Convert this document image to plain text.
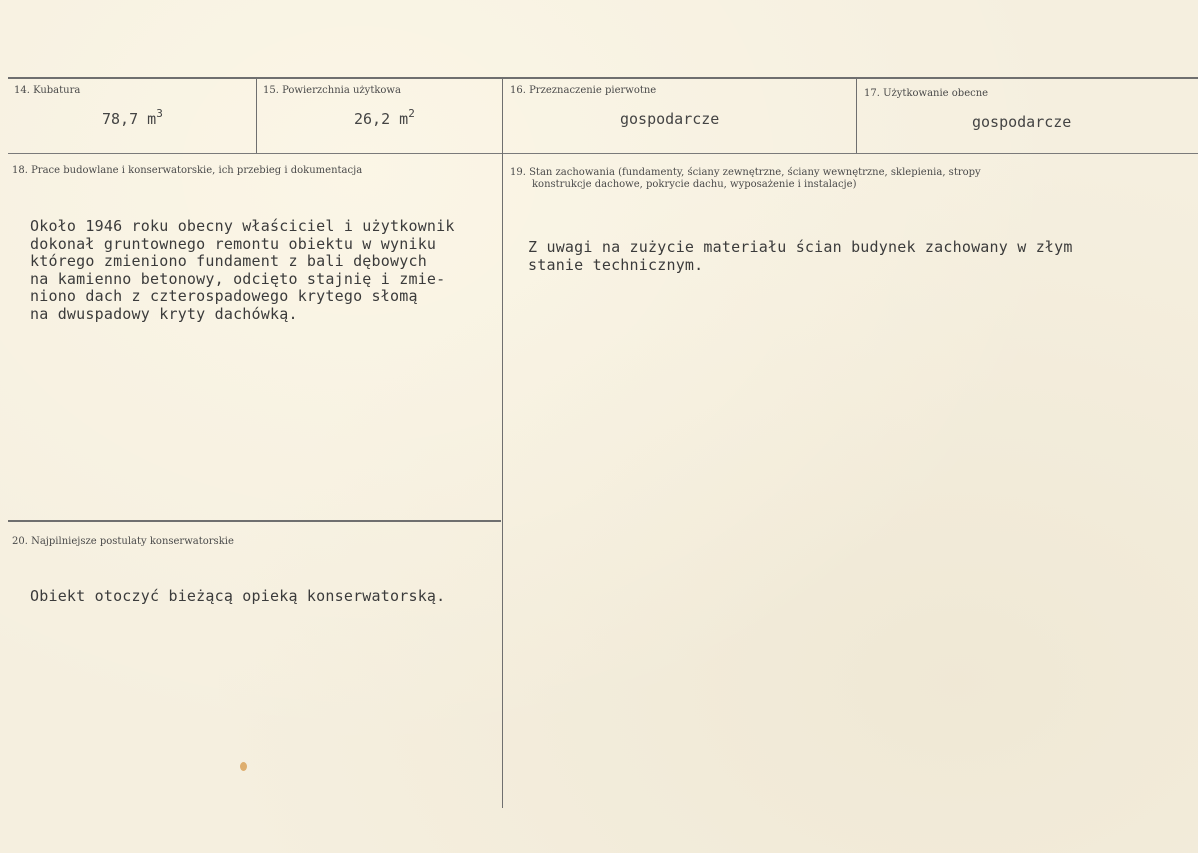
14. Kubatura
78,7 $m^3$
15. Powierzchnia użytkowa
26,2 $m^2$
16. Przeznaczenie pierwotne
gospodarcze
17. Użytkowanie obecne
gospodarcze
18. Prace budowlane i konserwatorskie, ich przebieg i dokumentacja
Około 1946 roku obecny właściciel i użytkownik
dokonał gruntownego remontu obiektu w wyniku
którego zmieniono fundament z bali dębowych
na kamienno betonowy, odcięto stajnię i zmie-
niono dach z czterospadowego krytego słomą
na dwuspadowy kryty dachówką.
19. Stan zachowania (fundamenty, ściany zewnętrzne, ściany wewnętrzne, sklepienia, stropy
konstrukcje dachowe, pokrycie dachu, wyposażenie i instalacje)
Z uwagi na zużycie materiału ścian budynek zachowany w złym
stanie technicznym.
20. Najpilniejsze postulaty konserwatorskie
Obiekt otoczyć bieżącą opieką konserwatorską.
